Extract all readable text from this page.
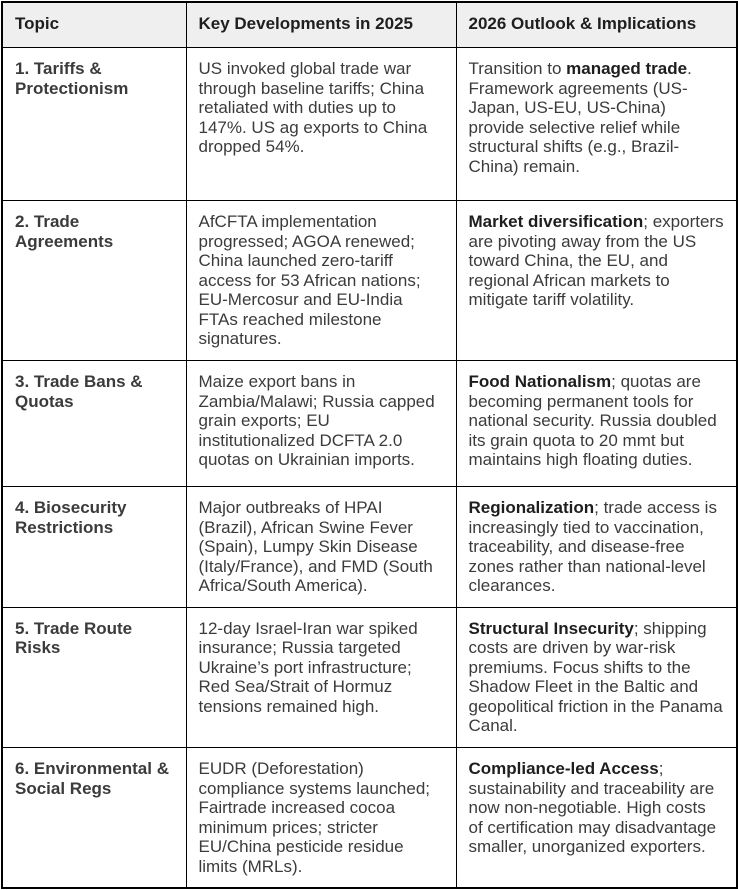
Topic	Key Developments in 2025	2026 Outlook & Implications
1. Tariffs & Protectionism	US invoked global trade war through baseline tariffs; China retaliated with duties up to 147%. US ag exports to China dropped 54%.	Transition to managed trade. Framework agreements (US-Japan, US-EU, US-China) provide selective relief while structural shifts (e.g., Brazil-China) remain.
2. Trade Agreements	AfCFTA implementation progressed; AGOA renewed; China launched zero-tariff access for 53 African nations; EU-Mercosur and EU-India FTAs reached milestone signatures.	Market diversification; exporters are pivoting away from the US toward China, the EU, and regional African markets to mitigate tariff volatility.
3. Trade Bans & Quotas	Maize export bans in Zambia/Malawi; Russia capped grain exports; EU institutionalized DCFTA 2.0 quotas on Ukrainian imports.	Food Nationalism; quotas are becoming permanent tools for national security. Russia doubled its grain quota to 20 mmt but maintains high floating duties.
4. Biosecurity Restrictions	Major outbreaks of HPAI (Brazil), African Swine Fever (Spain), Lumpy Skin Disease (Italy/France), and FMD (South Africa/South America).	Regionalization; trade access is increasingly tied to vaccination, traceability, and disease-free zones rather than national-level clearances.
5. Trade Route Risks	12-day Israel-Iran war spiked insurance; Russia targeted Ukraine’s port infrastructure; Red Sea/Strait of Hormuz tensions remained high.	Structural Insecurity; shipping costs are driven by war-risk premiums. Focus shifts to the Shadow Fleet in the Baltic and geopolitical friction in the Panama Canal.
6. Environmental & Social Regs	EUDR (Deforestation) compliance systems launched; Fairtrade increased cocoa minimum prices; stricter EU/China pesticide residue limits (MRLs).	Compliance-led Access; sustainability and traceability are now non-negotiable. High costs of certification may disadvantage smaller, unorganized exporters.
